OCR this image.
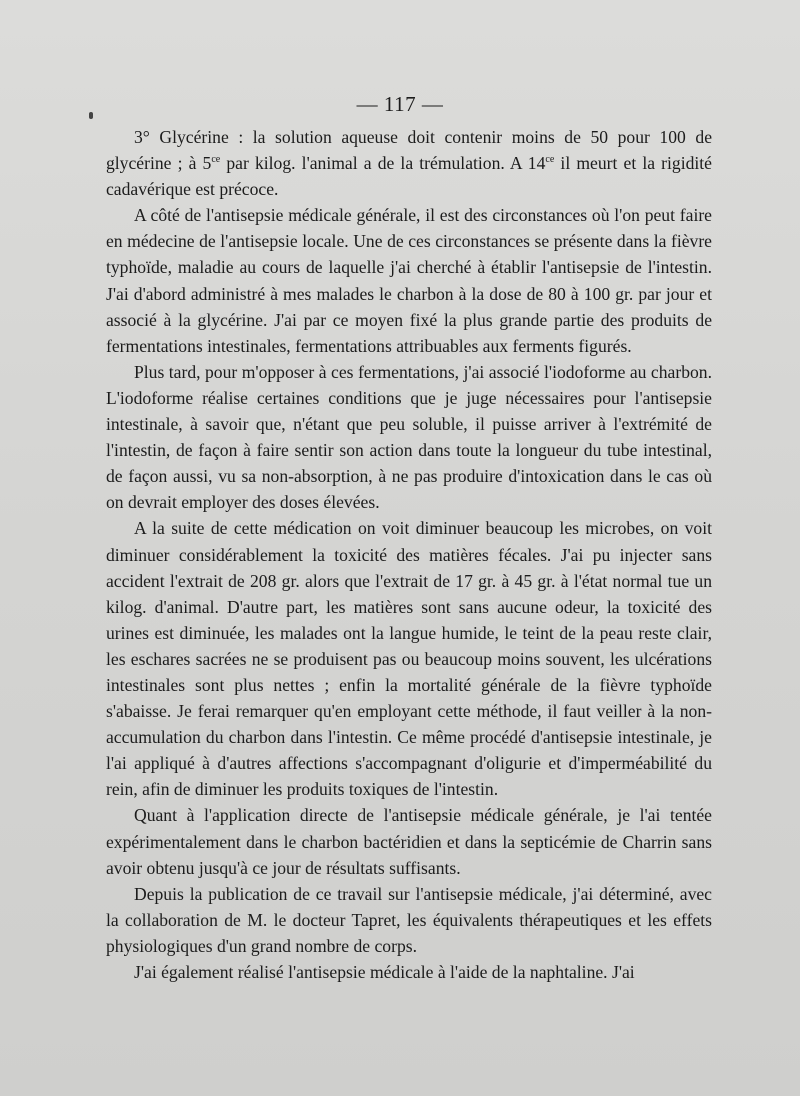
— 117 —

3° Glycérine : la solution aqueuse doit contenir moins de 50 pour 100 de glycérine ; à $5^{ce}$ par kilog. l'animal a de la trémulation. A $14^{ce}$ il meurt et la rigidité cadavérique est précoce.

A côté de l'antisepsie médicale générale, il est des circonstances où l'on peut faire en médecine de l'antisepsie locale. Une de ces circonstances se présente dans la fièvre typhoïde, maladie au cours de laquelle j'ai cherché à établir l'antisepsie de l'intestin. J'ai d'abord administré à mes malades le charbon à la dose de 80 à 100 gr. par jour et associé à la glycérine. J'ai par ce moyen fixé la plus grande partie des produits de fermentations intestinales, fermentations attribuables aux ferments figurés.

Plus tard, pour m'opposer à ces fermentations, j'ai associé l'iodoforme au charbon. L'iodoforme réalise certaines conditions que je juge nécessaires pour l'antisepsie intestinale, à savoir que, n'étant que peu soluble, il puisse arriver à l'extrémité de l'intestin, de façon à faire sentir son action dans toute la longueur du tube intestinal, de façon aussi, vu sa non-absorption, à ne pas produire d'intoxication dans le cas où on devrait employer des doses élevées.

A la suite de cette médication on voit diminuer beaucoup les microbes, on voit diminuer considérablement la toxicité des matières fécales. J'ai pu injecter sans accident l'extrait de 208 gr. alors que l'extrait de 17 gr. à 45 gr. à l'état normal tue un kilog. d'animal. D'autre part, les matières sont sans aucune odeur, la toxicité des urines est diminuée, les malades ont la langue humide, le teint de la peau reste clair, les eschares sacrées ne se produisent pas ou beaucoup moins souvent, les ulcérations intestinales sont plus nettes ; enfin la mortalité générale de la fièvre typhoïde s'abaisse. Je ferai remarquer qu'en employant cette méthode, il faut veiller à la non-accumulation du charbon dans l'intestin. Ce même procédé d'antisepsie intestinale, je l'ai appliqué à d'autres affections s'accompagnant d'oligurie et d'imperméabilité du rein, afin de diminuer les produits toxiques de l'intestin.

Quant à l'application directe de l'antisepsie médicale générale, je l'ai tentée expérimentalement dans le charbon bactéridien et dans la septicémie de Charrin sans avoir obtenu jusqu'à ce jour de résultats suffisants.

Depuis la publication de ce travail sur l'antisepsie médicale, j'ai déterminé, avec la collaboration de M. le docteur Tapret, les équivalents thérapeutiques et les effets physiologiques d'un grand nombre de corps.

J'ai également réalisé l'antisepsie médicale à l'aide de la naphtaline. J'ai
